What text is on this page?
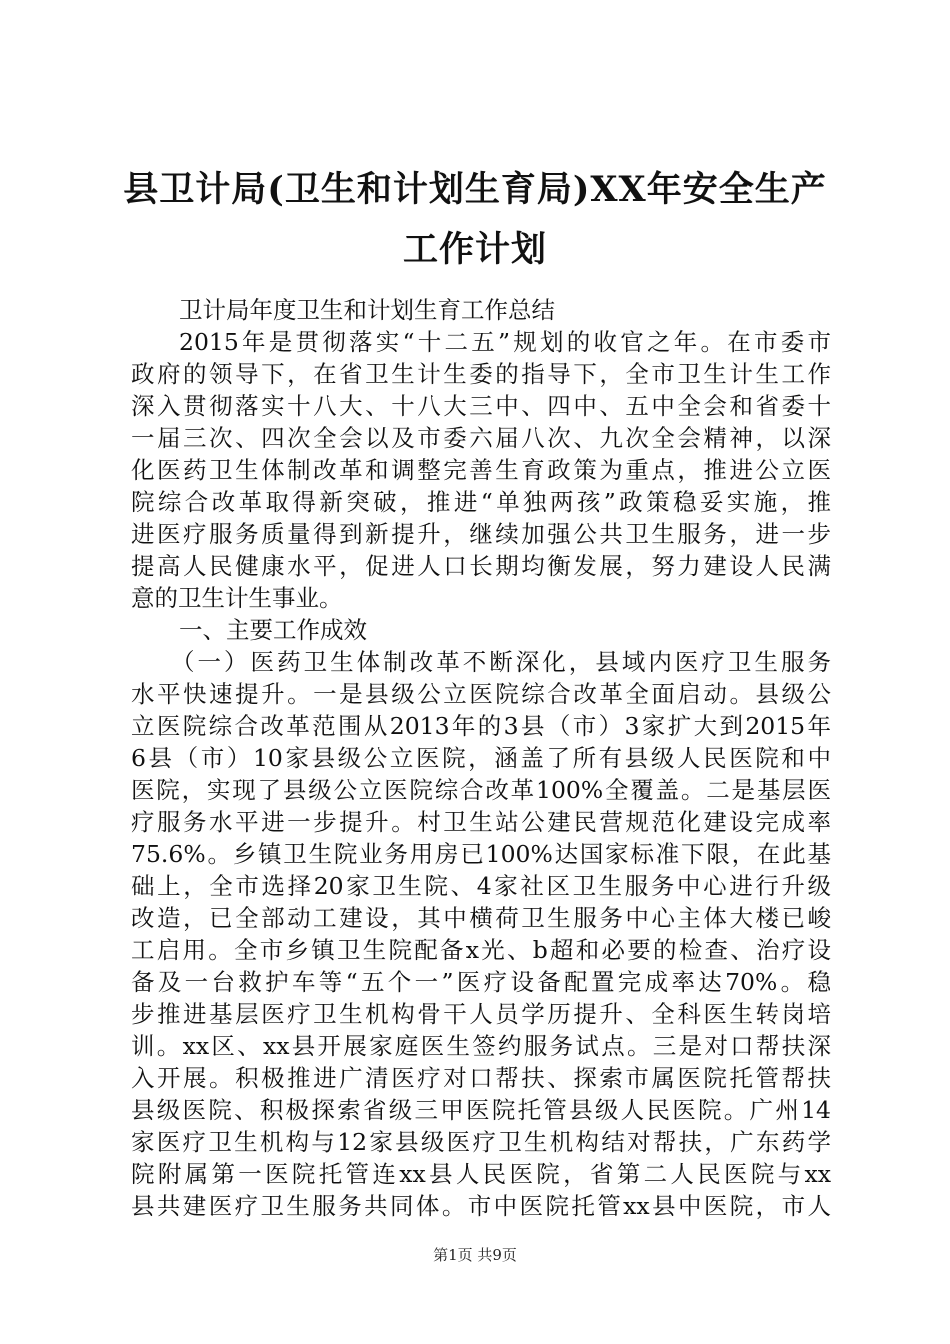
县卫计局(卫生和计划生育局)XX年安全生产
工作计划
卫计局年度卫生和计划生育工作总结
2015年是贯彻落实“十二五”规划的收官之年。在市委市
政府的领导下，在省卫生计生委的指导下，全市卫生计生工作
深入贯彻落实十八大、十八大三中、四中、五中全会和省委十
一届三次、四次全会以及市委六届八次、九次全会精神，以深
化医药卫生体制改革和调整完善生育政策为重点，推进公立医
院综合改革取得新突破，推进“单独两孩”政策稳妥实施，推
进医疗服务质量得到新提升，继续加强公共卫生服务，进一步
提高人民健康水平，促进人口长期均衡发展，努力建设人民满
意的卫生计生事业。
一、主要工作成效
（一）医药卫生体制改革不断深化，县域内医疗卫生服务
水平快速提升。一是县级公立医院综合改革全面启动。县级公
立医院综合改革范围从2013年的3县（市）3家扩大到2015年
6县（市）10家县级公立医院，涵盖了所有县级人民医院和中
医院，实现了县级公立医院综合改革100%全覆盖。二是基层医
疗服务水平进一步提升。村卫生站公建民营规范化建设完成率
75.6%。乡镇卫生院业务用房已100%达国家标准下限，在此基
础上，全市选择20家卫生院、4家社区卫生服务中心进行升级
改造，已全部动工建设，其中横荷卫生服务中心主体大楼已峻
工启用。全市乡镇卫生院配备x光、b超和必要的检查、治疗设
备及一台救护车等“五个一”医疗设备配置完成率达70%。稳
步推进基层医疗卫生机构骨干人员学历提升、全科医生转岗培
训。xx区、xx县开展家庭医生签约服务试点。三是对口帮扶深
入开展。积极推进广清医疗对口帮扶、探索市属医院托管帮扶
县级医院、积极探索省级三甲医院托管县级人民医院。广州14
家医疗卫生机构与12家县级医疗卫生机构结对帮扶，广东药学
院附属第一医院托管连xx县人民医院，省第二人民医院与xx
县共建医疗卫生服务共同体。市中医院托管xx县中医院，市人
第1页 共9页
